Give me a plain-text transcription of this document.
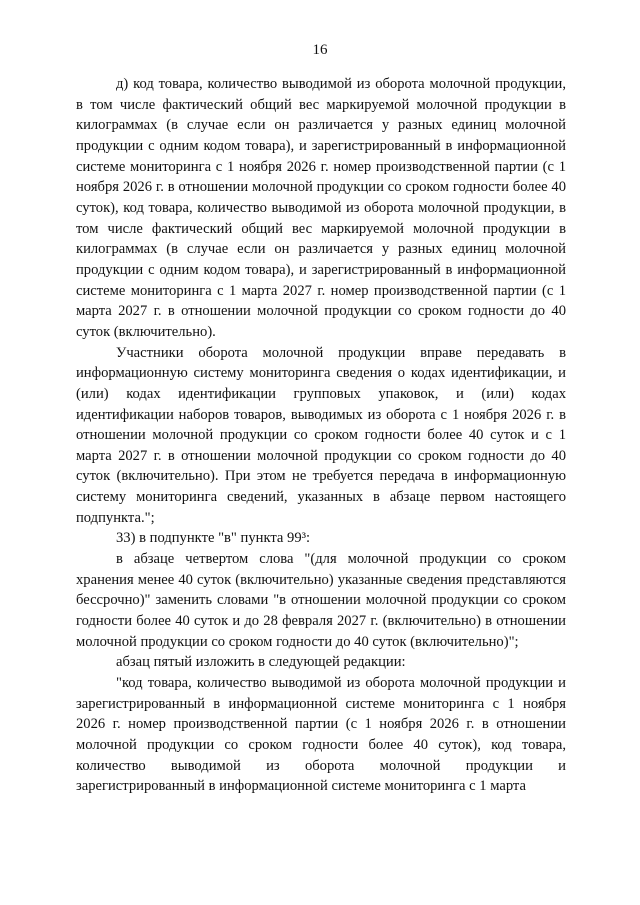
16

д) код товара, количество выводимой из оборота молочной продукции, в том числе фактический общий вес маркируемой молочной продукции в килограммах (в случае если он различается у разных единиц молочной продукции с одним кодом товара), и зарегистрированный в информационной системе мониторинга с 1 ноября 2026 г. номер производственной партии (с 1 ноября 2026 г. в отношении молочной продукции со сроком годности более 40 суток), код товара, количество выводимой из оборота молочной продукции, в том числе фактический общий вес маркируемой молочной продукции в килограммах (в случае если он различается у разных единиц молочной продукции с одним кодом товара), и зарегистрированный в информационной системе мониторинга с 1 марта 2027 г. номер производственной партии (с 1 марта 2027 г. в отношении молочной продукции со сроком годности до 40 суток (включительно).

Участники оборота молочной продукции вправе передавать в информационную систему мониторинга сведения о кодах идентификации, и (или) кодах идентификации групповых упаковок, и (или) кодах идентификации наборов товаров, выводимых из оборота с 1 ноября 2026 г. в отношении молочной продукции со сроком годности более 40 суток и с 1 марта 2027 г. в отношении молочной продукции со сроком годности до 40 суток (включительно). При этом не требуется передача в информационную систему мониторинга сведений, указанных в абзаце первом настоящего подпункта.";

33) в подпункте "в" пункта 99³:

в абзаце четвертом слова "(для молочной продукции со сроком хранения менее 40 суток (включительно) указанные сведения представляются бессрочно)" заменить словами "в отношении молочной продукции со сроком годности более 40 суток и до 28 февраля 2027 г. (включительно) в отношении молочной продукции со сроком годности до 40 суток (включительно)";

абзац пятый изложить в следующей редакции:

"код товара, количество выводимой из оборота молочной продукции и зарегистрированный в информационной системе мониторинга с 1 ноября 2026 г. номер производственной партии (с 1 ноября 2026 г. в отношении молочной продукции со сроком годности более 40 суток), код товара, количество выводимой из оборота молочной продукции и зарегистрированный в информационной системе мониторинга с 1 марта
